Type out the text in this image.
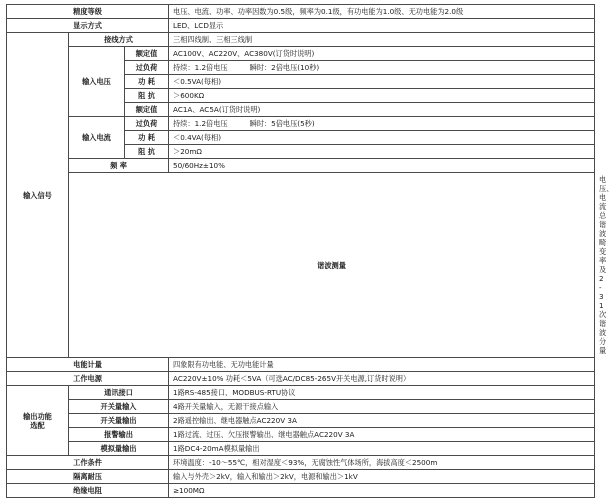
精度等级			电压、电流、功率、功率因数为0.5级，频率为0.1级，有功电能为1.0级、无功电能为2.0级	
显示方式			LED、LCD显示	
输入信号	接线方式		三相四线制、三相三线制	
	输入电压	额定值	AC100V、AC220V、AC380V(订货时说明)	
		过负荷	持续：1.2倍电压 瞬时：2倍电压(10秒)	
		功 耗	＜0.5VA(每相)	
		阻 抗	＞600KΩ	
		额定值	AC1A、AC5A(订货时说明)	
	输入电流	过负荷	持续：1.2倍电压 瞬时：5倍电压(5秒)	
		功 耗	＜0.4VA(每相)	
		阻 抗	＞20mΩ	
	频 率		50/60Hz±10%	
	谐波测量			电压、电流总谐波畸变率及2-31次谐波分量
电能计量			四象限有功电能、无功电能计量	
工作电源			AC220V±10% 功耗＜5VA（可选AC/DC85-265V开关电源,订货时说明）	

输出功能
选配	通讯接口		1路RS-485接口、MODBUS-RTU协议	
	开关量输入		4路开关量输入，无源干接点输入	
	开关量输出		2路遥控输出、继电器触点AC220V 3A	
	报警输出		1路过流、过压、欠压报警输出、继电器触点AC220V 3A	
	模拟量输出		1路DC4-20mA模拟量输出	
工作条件			环境温度：-10～55℃，相对湿度＜93%，无腐蚀性气体场所，海拔高度＜2500m	
隔离耐压			输入与外壳＞2kV，输入和输出＞2kV，电源和输出＞1kV	
绝缘电阻			≥100MΩ	
